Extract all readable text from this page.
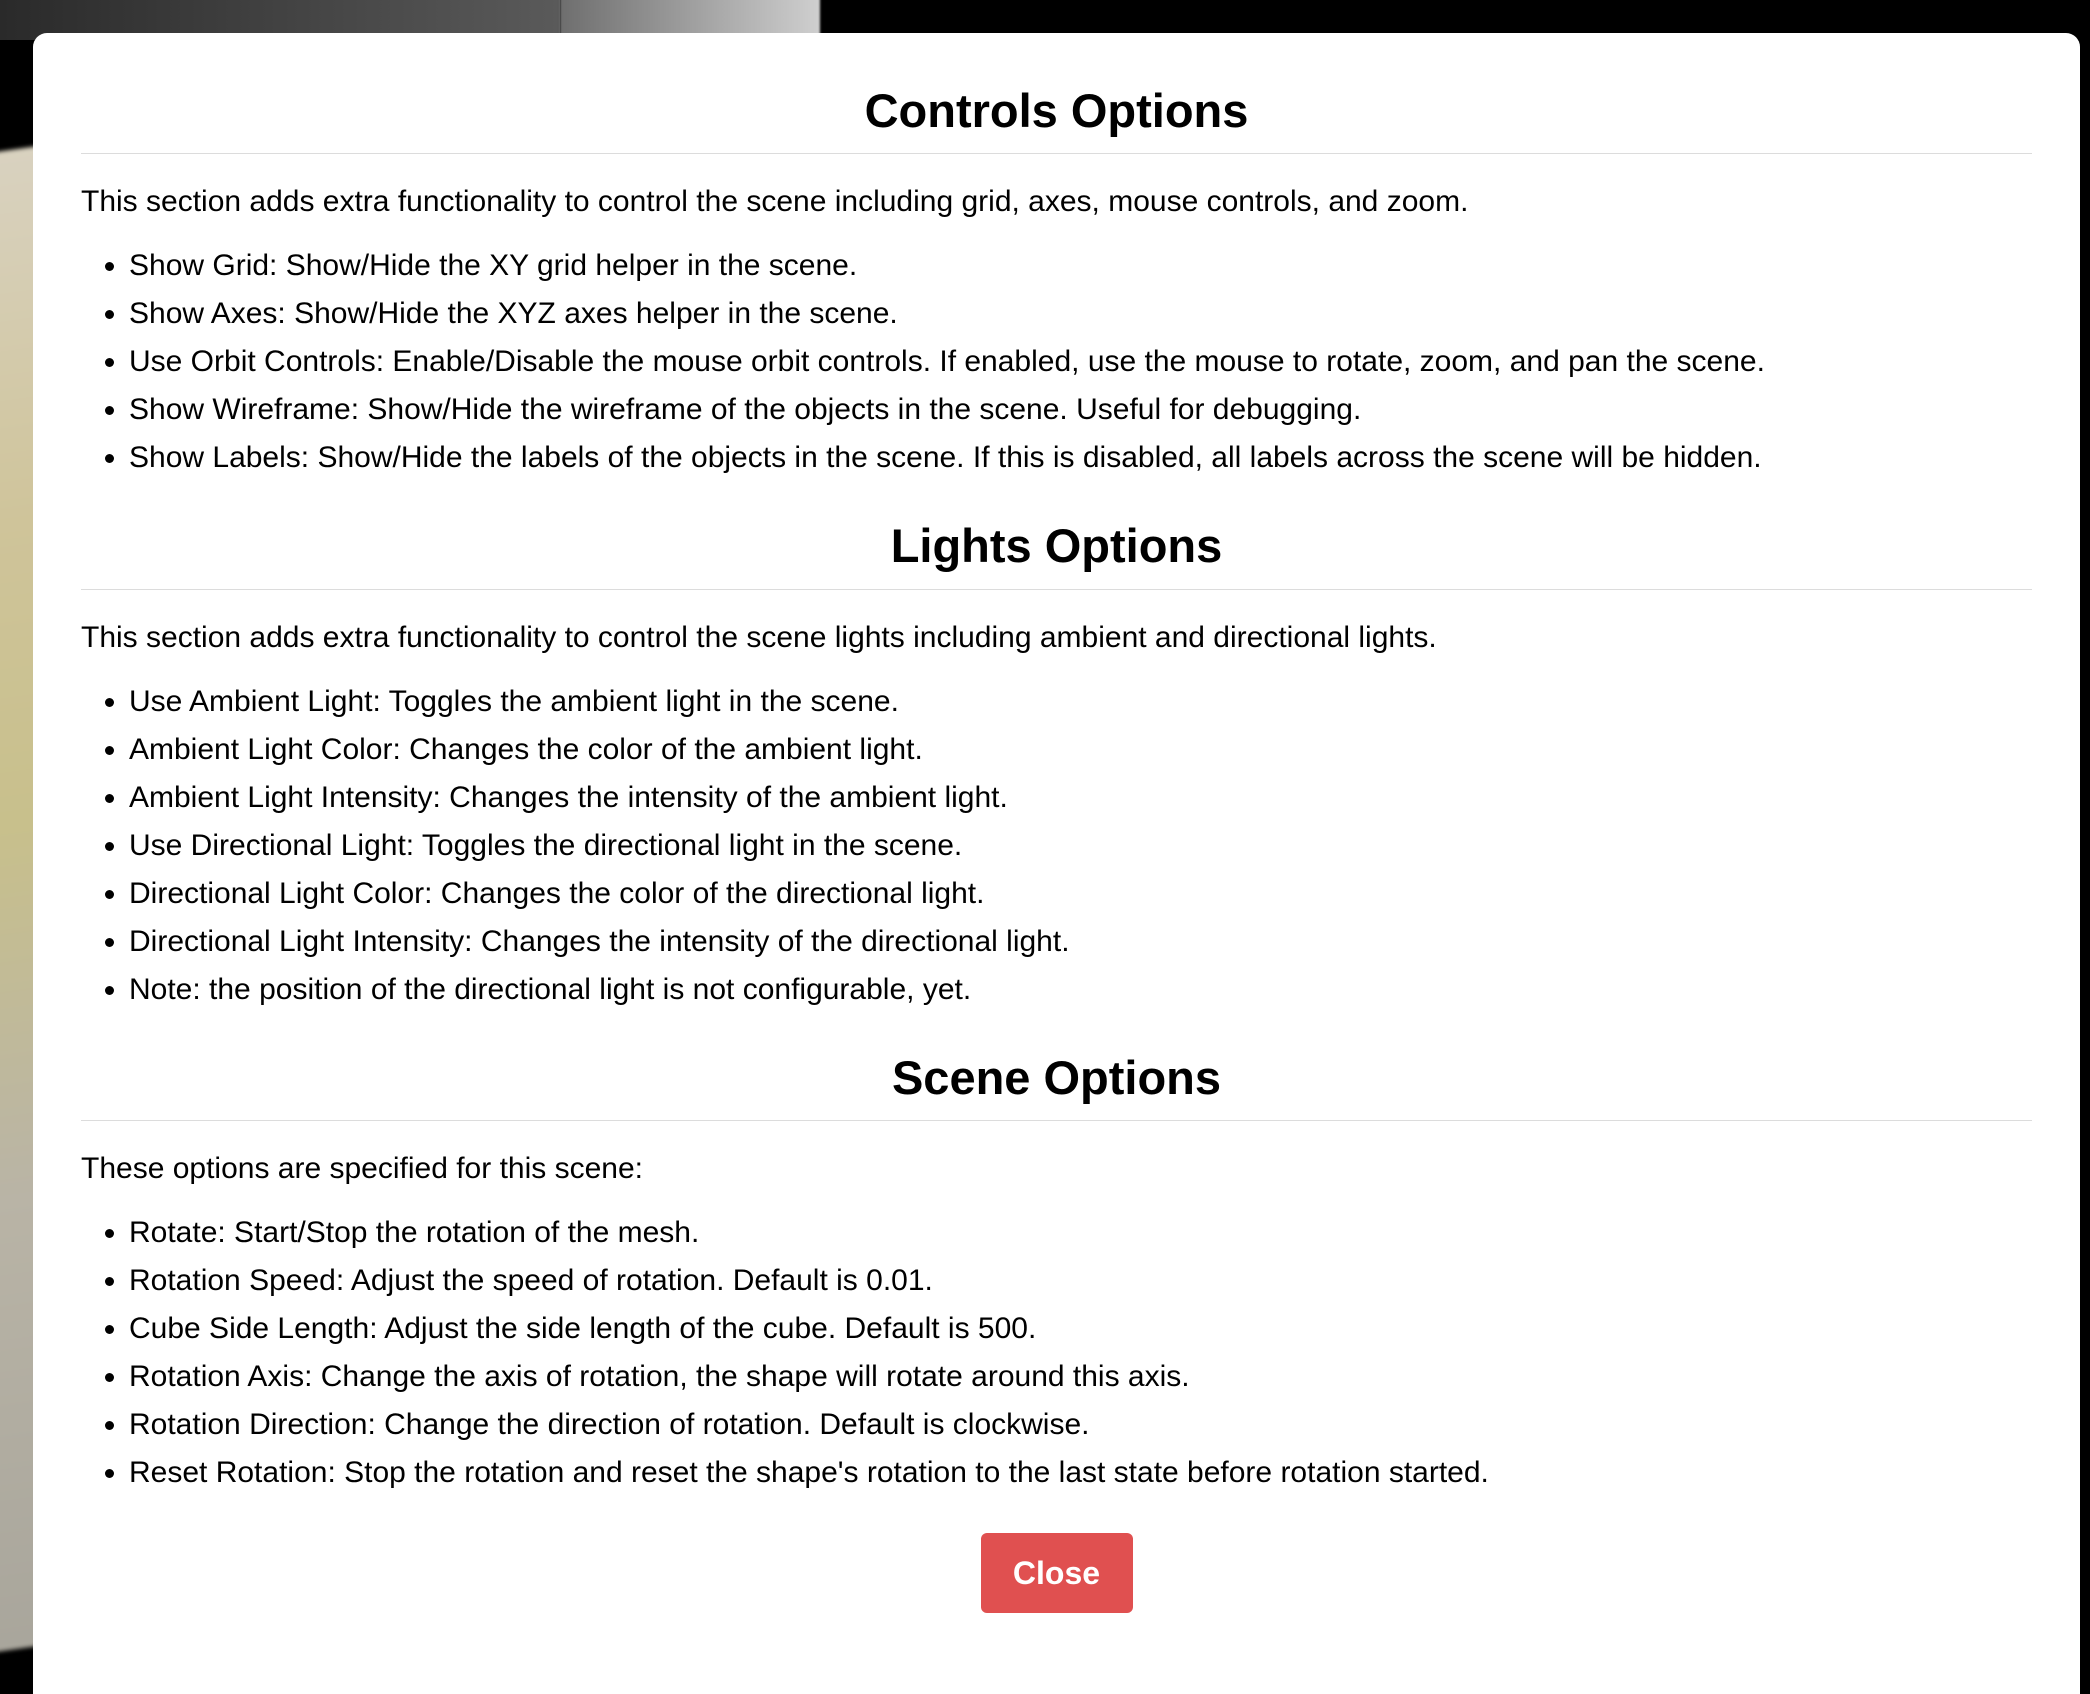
Controls Options

This section adds extra functionality to control the scene including grid, axes, mouse controls, and zoom.

• Show Grid: Show/Hide the XY grid helper in the scene.
• Show Axes: Show/Hide the XYZ axes helper in the scene.
• Use Orbit Controls: Enable/Disable the mouse orbit controls. If enabled, use the mouse to rotate, zoom, and pan the scene.
• Show Wireframe: Show/Hide the wireframe of the objects in the scene. Useful for debugging.
• Show Labels: Show/Hide the labels of the objects in the scene. If this is disabled, all labels across the scene will be hidden.
Lights Options

This section adds extra functionality to control the scene lights including ambient and directional lights.

• Use Ambient Light: Toggles the ambient light in the scene.
• Ambient Light Color: Changes the color of the ambient light.
• Ambient Light Intensity: Changes the intensity of the ambient light.
• Use Directional Light: Toggles the directional light in the scene.
• Directional Light Color: Changes the color of the directional light.
• Directional Light Intensity: Changes the intensity of the directional light.
• Note: the position of the directional light is not configurable, yet.
Scene Options

These options are specified for this scene:

• Rotate: Start/Stop the rotation of the mesh.
• Rotation Speed: Adjust the speed of rotation. Default is 0.01.
• Cube Side Length: Adjust the side length of the cube. Default is 500.
• Rotation Axis: Change the axis of rotation, the shape will rotate around this axis.
• Rotation Direction: Change the direction of rotation. Default is clockwise.
• Reset Rotation: Stop the rotation and reset the shape's rotation to the last state before rotation started.
Close
